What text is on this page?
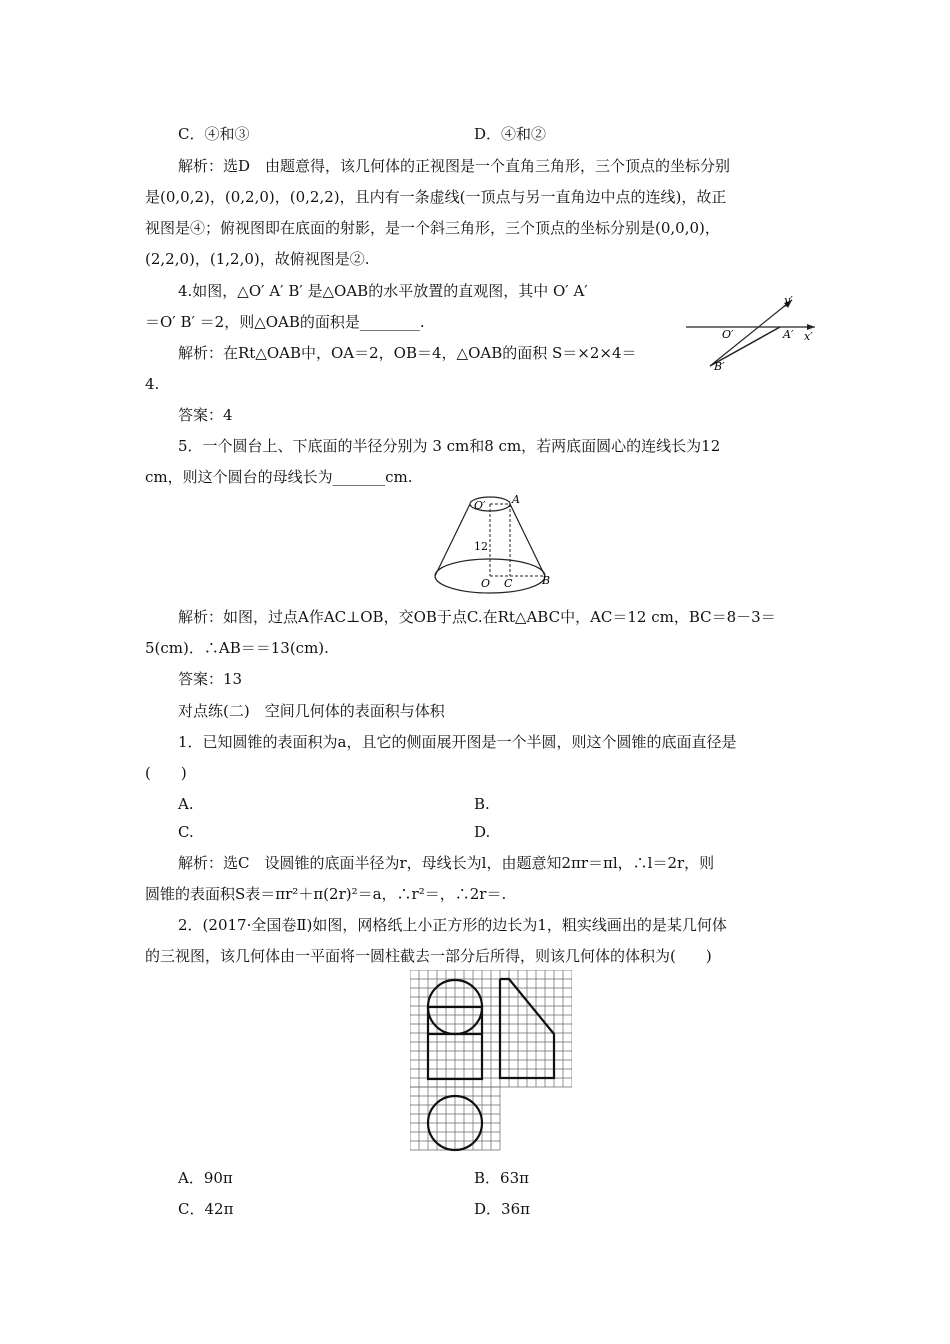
C．④和③	D．④和②
解析：选D　由题意得，该几何体的正视图是一个直角三角形，三个顶点的坐标分别
是(0,0,2)，(0,2,0)，(0,2,2)，且内有一条虚线(一顶点与另一直角边中点的连线)，故正
视图是④；俯视图即在底面的射影，是一个斜三角形，三个顶点的坐标分别是(0,0,0)，
(2,2,0)，(1,2,0)，故俯视图是②.
4.如图，△O′ A′ B′ 是△OAB的水平放置的直观图，其中 O′ A′
＝O′ B′ ＝2，则△OAB的面积是________.
解析：在Rt△OAB中，OA＝2，OB＝4，△OAB的面积 S＝×2×4＝
4.
答案：4
y′
x′
O′	A′
B′
5．一个圆台上、下底面的半径分别为 3 cm和8 cm，若两底面圆心的连线长为12
cm，则这个圆台的母线长为_______cm.
O′ A
12
O C	B
解析：如图，过点A作AC⊥OB，交OB于点C.在Rt△ABC中，AC＝12 cm，BC＝8－3＝
5(cm)．∴AB＝＝13(cm).
答案：13
对点练(二)　空间几何体的表面积与体积
1．已知圆锥的表面积为a，且它的侧面展开图是一个半圆，则这个圆锥的底面直径是
(　　)
A.	B.
C.	D.
解析：选C　设圆锥的底面半径为r，母线长为l，由题意知2πr＝πl，∴l＝2r，则
圆锥的表面积S表＝πr²＋π(2r)²＝a，∴r²＝，∴2r＝.
2．(2017·全国卷Ⅱ)如图，网格纸上小正方形的边长为1，粗实线画出的是某几何体
的三视图，该几何体由一平面将一圆柱截去一部分后所得，则该几何体的体积为(　　)
A．90π	B．63π
C．42π	D．36π
